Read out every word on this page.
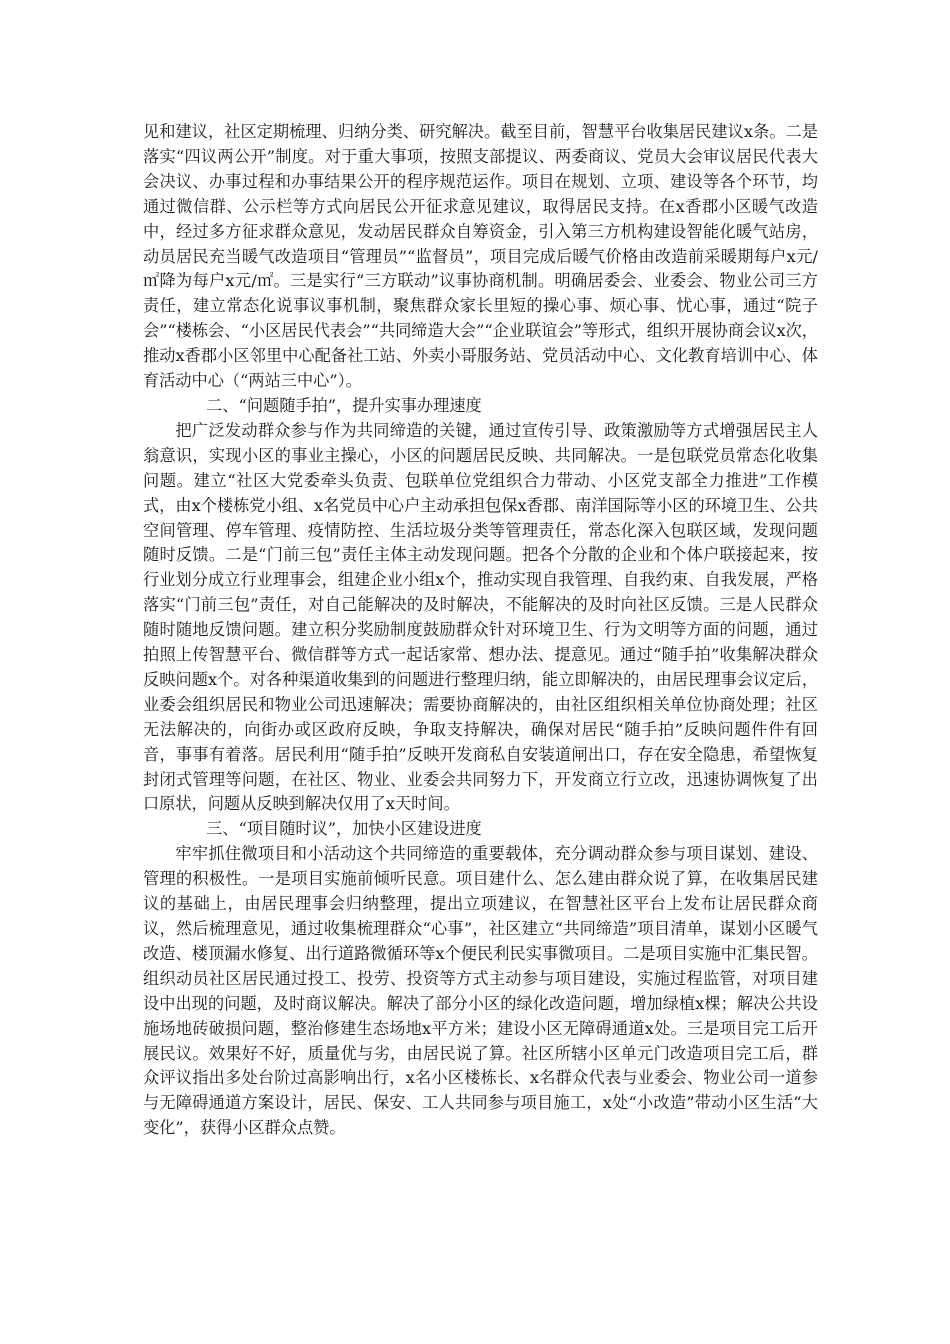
见和建议，社区定期梳理、归纳分类、研究解决。截至目前，智慧平台收集居民建议x条。二是落实“四议两公开”制度。对于重大事项，按照支部提议、两委商议、党员大会审议居民代表大会决议、办事过程和办事结果公开的程序规范运作。项目在规划、立项、建设等各个环节，均通过微信群、公示栏等方式向居民公开征求意见建议，取得居民支持。在x香郡小区暖气改造中，经过多方征求群众意见，发动居民群众自筹资金，引入第三方机构建设智能化暖气站房，动员居民充当暖气改造项目“管理员”“监督员”，项目完成后暖气价格由改造前采暖期每户x元/㎡降为每户x元/㎡。三是实行“三方联动”议事协商机制。明确居委会、业委会、物业公司三方责任，建立常态化说事议事机制，聚焦群众家长里短的操心事、烦心事、忧心事，通过“院子会”“楼栋会、“小区居民代表会”“共同缔造大会”“企业联谊会”等形式，组织开展协商会议x次，推动x香郡小区邻里中心配备社工站、外卖小哥服务站、党员活动中心、文化教育培训中心、体育活动中心（“两站三中心”）。

二、“问题随手拍”，提升实事办理速度

把广泛发动群众参与作为共同缔造的关键，通过宣传引导、政策激励等方式增强居民主人翁意识，实现小区的事业主操心，小区的问题居民反映、共同解决。一是包联党员常态化收集问题。建立“社区大党委牵头负责、包联单位党组织合力带动、小区党支部全力推进”工作模式，由x个楼栋党小组、x名党员中心户主动承担包保x香郡、南洋国际等小区的环境卫生、公共空间管理、停车管理、疫情防控、生活垃圾分类等管理责任，常态化深入包联区域，发现问题随时反馈。二是“门前三包”责任主体主动发现问题。把各个分散的企业和个体户联接起来，按行业划分成立行业理事会，组建企业小组x个，推动实现自我管理、自我约束、自我发展，严格落实“门前三包”责任，对自己能解决的及时解决，不能解决的及时向社区反馈。三是人民群众随时随地反馈问题。建立积分奖励制度鼓励群众针对环境卫生、行为文明等方面的问题，通过拍照上传智慧平台、微信群等方式一起话家常、想办法、提意见。通过“随手拍”收集解决群众反映问题x个。对各种渠道收集到的问题进行整理归纳，能立即解决的，由居民理事会议定后，业委会组织居民和物业公司迅速解决；需要协商解决的，由社区组织相关单位协商处理；社区无法解决的，向街办或区政府反映，争取支持解决，确保对居民“随手拍”反映问题件件有回音，事事有着落。居民利用“随手拍”反映开发商私自安装道闸出口，存在安全隐患，希望恢复封闭式管理等问题，在社区、物业、业委会共同努力下，开发商立行立改，迅速协调恢复了出口原状，问题从反映到解决仅用了x天时间。

三、“项目随时议”，加快小区建设进度

牢牢抓住微项目和小活动这个共同缔造的重要载体，充分调动群众参与项目谋划、建设、管理的积极性。一是项目实施前倾听民意。项目建什么、怎么建由群众说了算，在收集居民建议的基础上，由居民理事会归纳整理，提出立项建议，在智慧社区平台上发布让居民群众商议，然后梳理意见，通过收集梳理群众“心事”，社区建立“共同缔造”项目清单，谋划小区暖气改造、楼顶漏水修复、出行道路微循环等x个便民利民实事微项目。二是项目实施中汇集民智。组织动员社区居民通过投工、投劳、投资等方式主动参与项目建设，实施过程监管，对项目建设中出现的问题，及时商议解决。解决了部分小区的绿化改造问题，增加绿植x棵；解决公共设施场地砖破损问题，整治修建生态场地x平方米；建设小区无障碍通道x处。三是项目完工后开展民议。效果好不好，质量优与劣，由居民说了算。社区所辖小区单元门改造项目完工后，群众评议指出多处台阶过高影响出行，x名小区楼栋长、x名群众代表与业委会、物业公司一道参与无障碍通道方案设计，居民、保安、工人共同参与项目施工，x处“小改造”带动小区生活“大变化”，获得小区群众点赞。
